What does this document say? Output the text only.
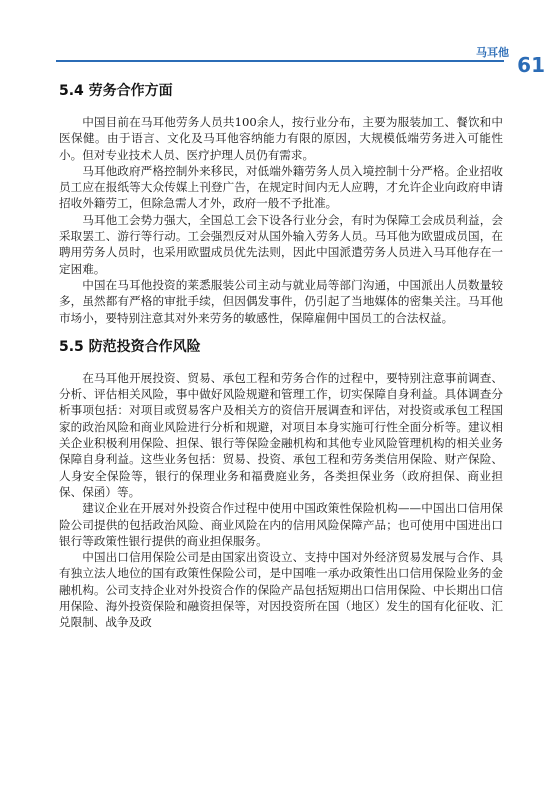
马耳他
61
5.4 劳务合作方面

中国目前在马耳他劳务人员共100余人，按行业分布，主要为服装加工、餐饮和中医保健。由于语言、文化及马耳他容纳能力有限的原因，大规模低端劳务进入可能性小。但对专业技术人员、医疗护理人员仍有需求。

马耳他政府严格控制外来移民，对低端外籍劳务人员入境控制十分严格。企业招收员工应在报纸等大众传媒上刊登广告，在规定时间内无人应聘，才允许企业向政府申请招收外籍劳工，但除急需人才外，政府一般不予批准。

马耳他工会势力强大，全国总工会下设各行业分会，有时为保障工会成员利益，会采取罢工、游行等行动。工会强烈反对从国外输入劳务人员。马耳他为欧盟成员国，在聘用劳务人员时，也采用欧盟成员优先法则，因此中国派遣劳务人员进入马耳他存在一定困难。

中国在马耳他投资的莱悉服装公司主动与就业局等部门沟通，中国派出人员数量较多，虽然都有严格的审批手续，但因偶发事件，仍引起了当地媒体的密集关注。马耳他市场小，要特别注意其对外来劳务的敏感性，保障雇佣中国员工的合法权益。

5.5 防范投资合作风险

在马耳他开展投资、贸易、承包工程和劳务合作的过程中，要特别注意事前调查、分析、评估相关风险，事中做好风险规避和管理工作，切实保障自身利益。具体调查分析事项包括：对项目或贸易客户及相关方的资信开展调查和评估，对投资或承包工程国家的政治风险和商业风险进行分析和规避，对项目本身实施可行性全面分析等。建议相关企业积极利用保险、担保、银行等保险金融机构和其他专业风险管理机构的相关业务保障自身利益。这些业务包括：贸易、投资、承包工程和劳务类信用保险、财产保险、人身安全保险等，银行的保理业务和福费庭业务，各类担保业务（政府担保、商业担保、保函）等。

建议企业在开展对外投资合作过程中使用中国政策性保险机构——中国出口信用保险公司提供的包括政治风险、商业风险在内的信用风险保障产品；也可使用中国进出口银行等政策性银行提供的商业担保服务。

中国出口信用保险公司是由国家出资设立、支持中国对外经济贸易发展与合作、具有独立法人地位的国有政策性保险公司，是中国唯一承办政策性出口信用保险业务的金融机构。公司支持企业对外投资合作的保险产品包括短期出口信用保险、中长期出口信用保险、海外投资保险和融资担保等，对因投资所在国（地区）发生的国有化征收、汇兑限制、战争及政
